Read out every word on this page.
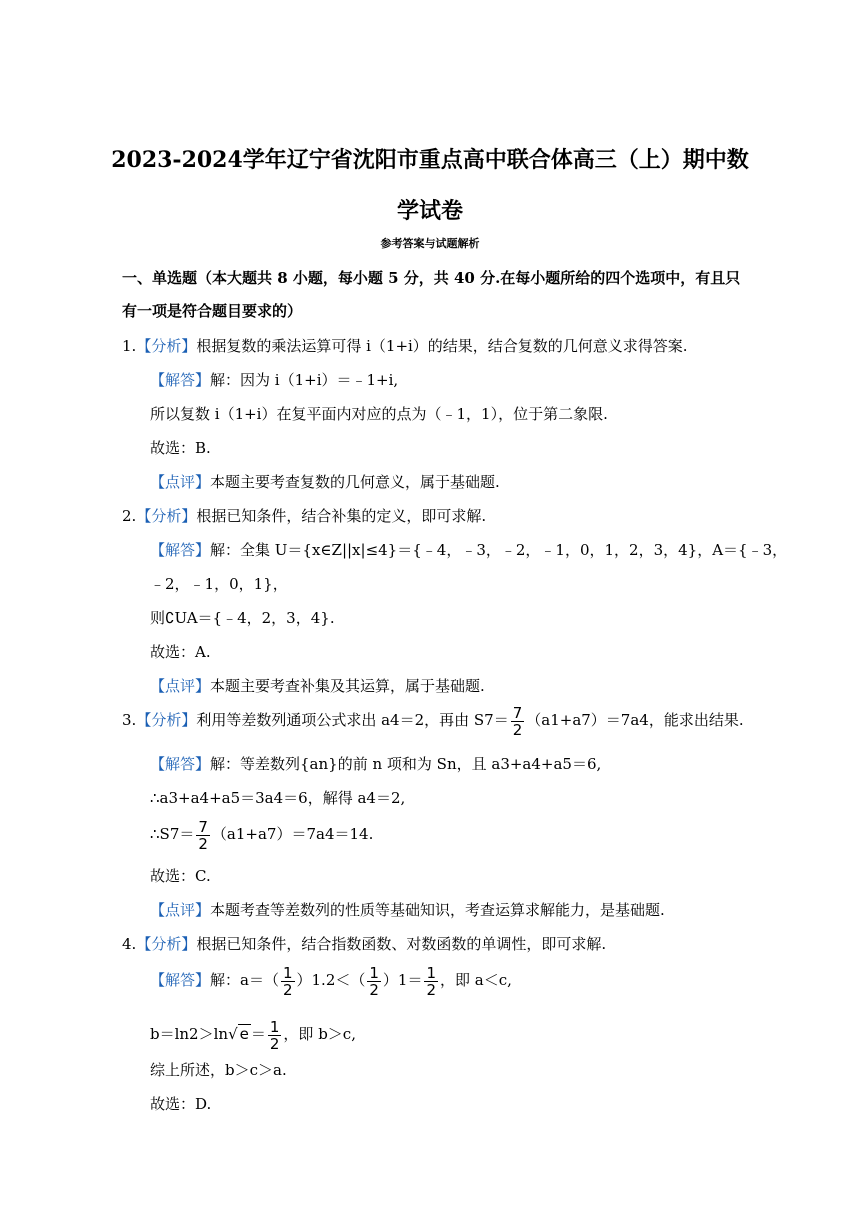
2023-2024学年辽宁省沈阳市重点高中联合体高三（上）期中数
学试卷
参考答案与试题解析
一、单选题（本大题共 8 小题，每小题 5 分，共 40 分.在每小题所给的四个选项中，有且只
有一项是符合题目要求的）
1.【分析】根据复数的乘法运算可得 i（1+i）的结果，结合复数的几何意义求得答案.
【解答】解：因为 i（1+i）＝﹣1+i,
所以复数 i（1+i）在复平面内对应的点为（﹣1，1），位于第二象限.
故选：B.
【点评】本题主要考查复数的几何意义，属于基础题.
2.【分析】根据已知条件，结合补集的定义，即可求解.
【解答】解：全集 U＝{x∈Z||x|≤4}＝{﹣4，﹣3，﹣2，﹣1，0，1，2，3，4}，A＝{﹣3，
﹣2，﹣1，0，1}，
则∁UA＝{﹣4，2，3，4}.
故选：A.
【点评】本题主要考查补集及其运算，属于基础题.
3.【分析】利用等差数列通项公式求出 a4＝2，再由 $S7= \frac{7}{2} (a1+a7)=7a4$，能求出结果.
【解答】解：等差数列{an}的前 n 项和为 Sn，且 a3+a4+a5＝6,
∴a3+a4+a5＝3a4＝6，解得 a4＝2,
∴S7＝ $\frac{7}{2} (a1+a7)=7a4=14$.
故选：C.
【点评】本题考查等差数列的性质等基础知识，考查运算求解能力，是基础题.
4.【分析】根据已知条件，结合指数函数、对数函数的单调性，即可求解.
【解答】解：$a=( \frac{1}{2} )1.2<( \frac{1}{2} )1= \frac{1}{2}$ ，即 a＜c,
b＝ln2＞ln√ $e = \frac{1}{2}$ ，即 b＞c,
综上所述，b＞c＞a.
故选：D.
